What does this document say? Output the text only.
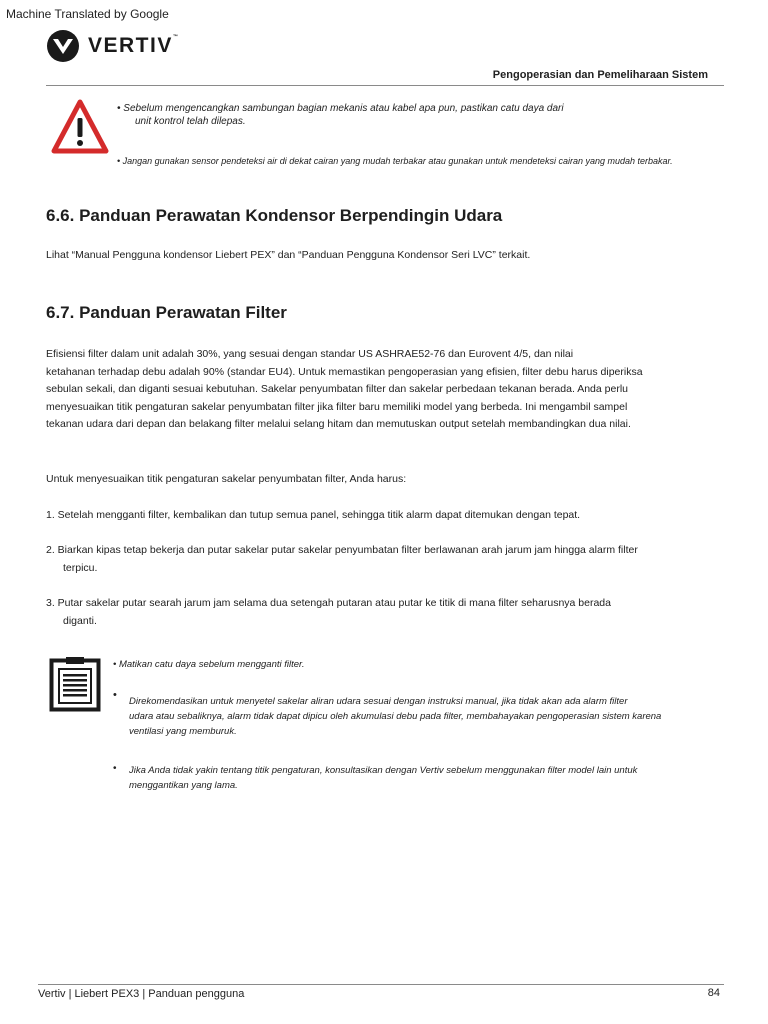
Machine Translated by Google
VERTIV™
Pengoperasian dan Pemeliharaan Sistem
• Sebelum mengencangkan sambungan bagian mekanis atau kabel apa pun, pastikan catu daya dari
unit kontrol telah dilepas.
• Jangan gunakan sensor pendeteksi air di dekat cairan yang mudah terbakar atau gunakan untuk mendeteksi cairan yang mudah terbakar.
6.6. Panduan Perawatan Kondensor Berpendingin Udara

Lihat “Manual Pengguna kondensor Liebert PEX” dan “Panduan Pengguna Kondensor Seri LVC” terkait.

6.7. Panduan Perawatan Filter

Efisiensi filter dalam unit adalah 30%, yang sesuai dengan standar US ASHRAE52-76 dan Eurovent 4/5, dan nilai
ketahanan terhadap debu adalah 90% (standar EU4). Untuk memastikan pengoperasian yang efisien, filter debu harus diperiksa
sebulan sekali, dan diganti sesuai kebutuhan. Sakelar penyumbatan filter dan sakelar perbedaan tekanan berada. Anda perlu
menyesuaikan titik pengaturan sakelar penyumbatan filter jika filter baru memiliki model yang berbeda. Ini mengambil sampel
tekanan udara dari depan dan belakang filter melalui selang hitam dan memutuskan output setelah membandingkan dua nilai.

Untuk menyesuaikan titik pengaturan sakelar penyumbatan filter, Anda harus:

1. Setelah mengganti filter, kembalikan dan tutup semua panel, sehingga titik alarm dapat ditemukan dengan tepat.
2. Biarkan kipas tetap bekerja dan putar sakelar putar sakelar penyumbatan filter berlawanan arah jarum jam hingga alarm filter
terpicu.
3. Putar sakelar putar searah jarum jam selama dua setengah putaran atau putar ke titik di mana filter seharusnya berada
diganti.
• Matikan catu daya sebelum mengganti filter.
•
Direkomendasikan untuk menyetel sakelar aliran udara sesuai dengan instruksi manual, jika tidak akan ada alarm filter
udara atau sebaliknya, alarm tidak dapat dipicu oleh akumulasi debu pada filter, membahayakan pengoperasian sistem karena
ventilasi yang memburuk.
• Jika Anda tidak yakin tentang titik pengaturan, konsultasikan dengan Vertiv sebelum menggunakan filter model lain untuk
menggantikan yang lama.
Vertiv | Liebert PEX3 | Panduan pengguna	84
